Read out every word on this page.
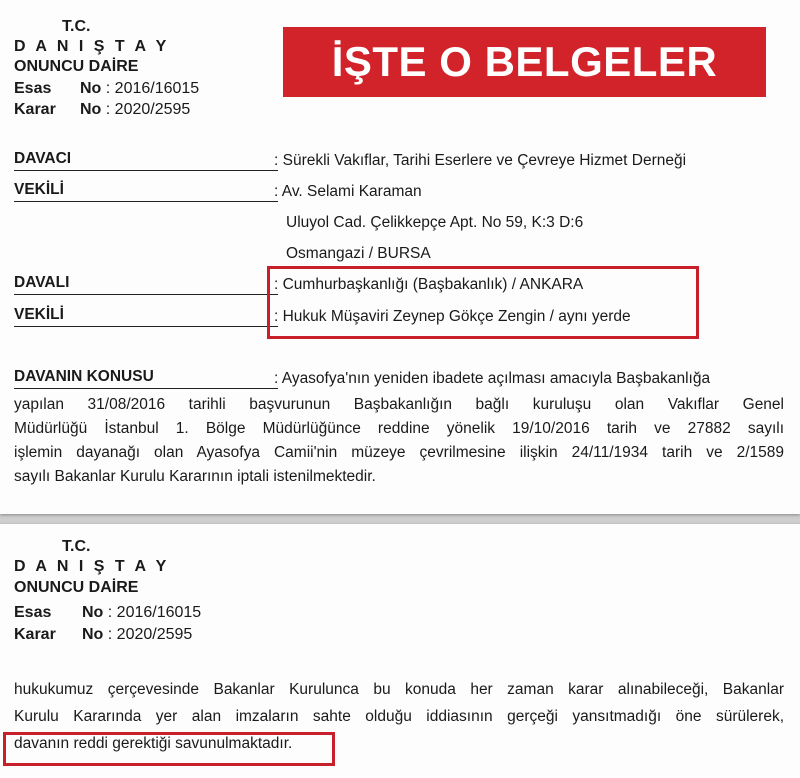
T.C.
D A N I Ş T A Y
ONUNCU DAİRE
Esas No : 2016/16015
Karar No : 2020/2595
İŞTE O BELGELER
DAVACI	: Sürekli Vakıflar, Tarihi Eserlere ve Çevreye Hizmet Derneği
VEKİLİ	: Av. Selami Karaman
Uluyol Cad. Çelikkepçe Apt. No 59, K:3 D:6
Osmangazi / BURSA
DAVALI	: Cumhurbaşkanlığı (Başbakanlık) / ANKARA
VEKİLİ	: Hukuk Müşaviri Zeynep Gökçe Zengin / aynı yerde
DAVANIN KONUSU	: Ayasofya'nın yeniden ibadete açılması amacıyla Başbakanlığa

yapılan 31/08/2016 tarihli başvurunun Başbakanlığın bağlı kuruluşu olan Vakıflar Genel

Müdürlüğü İstanbul 1. Bölge Müdürlüğünce reddine yönelik 19/10/2016 tarih ve 27882 sayılı

işlemin dayanağı olan Ayasofya Camii'nin müzeye çevrilmesine ilişkin 24/11/1934 tarih ve 2/1589

sayılı Bakanlar Kurulu Kararının iptali istenilmektedir.

T.C.
D A N I Ş T A Y
ONUNCU DAİRE
Esas No : 2016/16015
Karar No : 2020/2595

hukukumuz çerçevesinde Bakanlar Kurulunca bu konuda her zaman karar alınabileceği, Bakanlar

Kurulu Kararında yer alan imzaların sahte olduğu iddiasının gerçeği yansıtmadığı öne sürülerek,

davanın reddi gerektiği savunulmaktadır.
